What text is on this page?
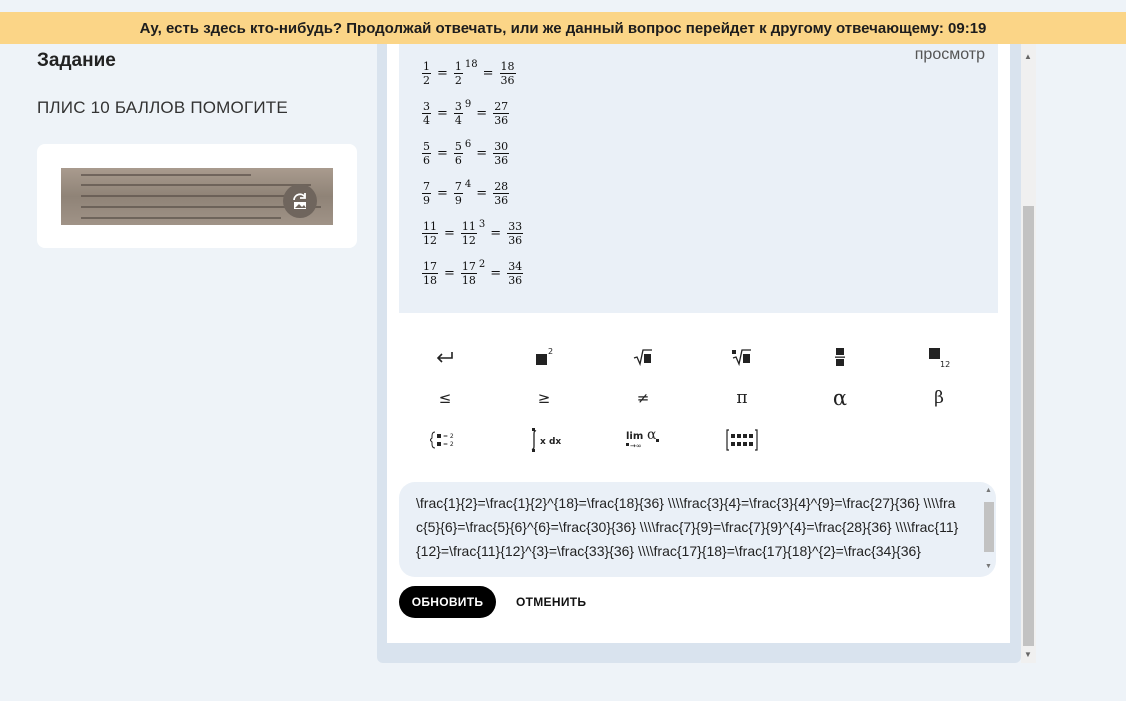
Ау, есть здесь кто-нибудь? Продолжай отвечать, или же данный вопрос перейдет к другому отвечающему: 09:19
Задание
ПЛИС 10 БАЛЛОВ ПОМОГИТЕ
просмотр
$\frac{1}{2} = \frac{1}{2} 18$
= $\frac{18}{36}$
$\frac{3}{4} = \frac{3}{4} 9$
= $\frac{27}{36}$
$\frac{5}{6} = \frac{5}{6} 6$
= $\frac{30}{36}$
$\frac{7}{9} = \frac{7}{9} 4$
= $\frac{28}{36}$
$\frac{11}{12} = \frac{11}{12} 3$
= $\frac{33}{36}$
$\frac{17}{18} = \frac{17}{18} 2$
= $\frac{34}{36}$
2
12
≤	≥	≠	π	α	β
= 2
= 2	x dx	lim
→∞
α
\frac{1}{2}=\frac{1}{2}^{18}=\frac{18}{36} \\\\frac{3}{4}=\frac{3}{4}^{9}=\frac{27}{36} \\\\frac{5}{6}=\frac{5}{6}^{6}=\frac{30}{36} \\\\frac{7}{9}=\frac{7}{9}^{4}=\frac{28}{36} \\\\frac{11}{12}=\frac{11}{12}^{3}=\frac{33}{36} \\\\frac{17}{18}=\frac{17}{18}^{2}=\frac{34}{36}
▲
▼
ОБНОВИТЬ	ОТМЕНИТЬ
▲
▼
